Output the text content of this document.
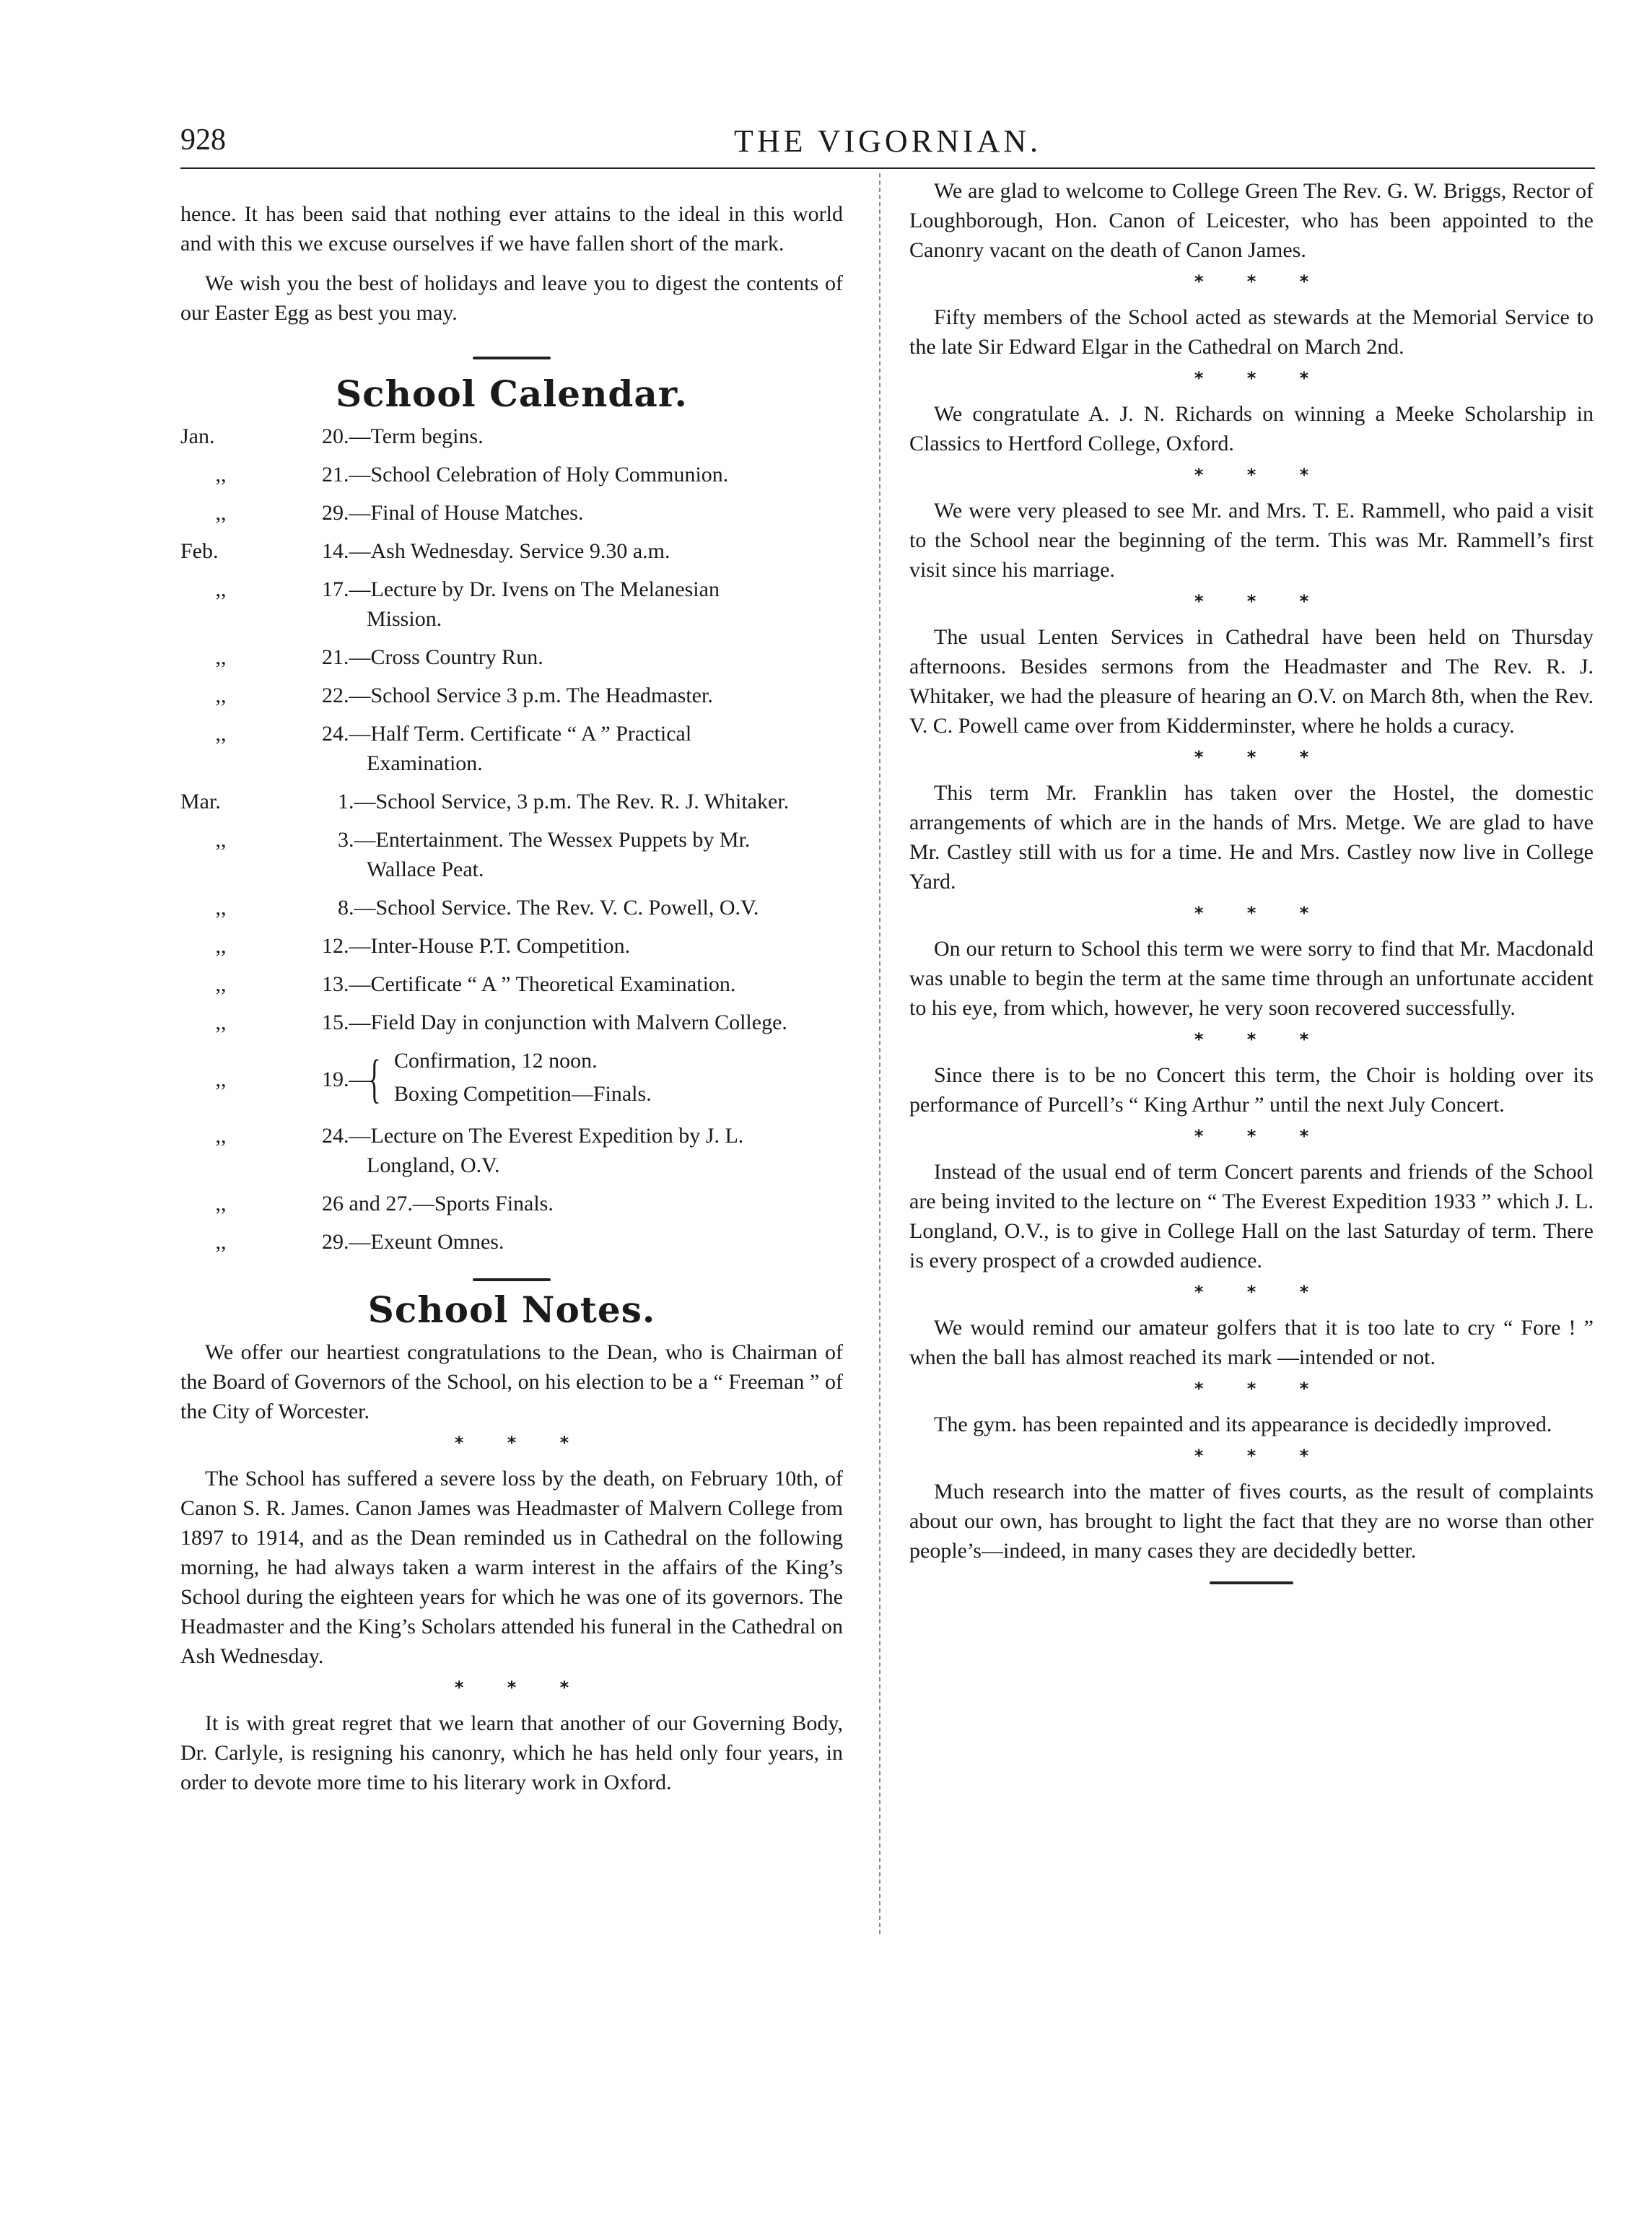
928	THE VIGORNIAN.

hence. It has been said that nothing ever attains to the ideal in this world and with this we excuse ourselves if we have fallen short of the mark.

We wish you the best of holidays and leave you to digest the contents of our Easter Egg as best you may.

School Calendar.
Jan.	20.—Term begins.
,,	21.—School Celebration of Holy Communion.
,,	29.—Final of House Matches.
Feb.	14.—Ash Wednesday. Service 9.30 a.m.
,,	17.—Lecture by Dr. Ivens on The Melanesian
Mission.
,,	21.—Cross Country Run.
,,	22.—School Service 3 p.m. The Headmaster.
,,	24.—Half Term. Certificate “ A ” Practical
Examination.
Mar.	1.—School Service, 3 p.m. The Rev. R. J. Whitaker.
,,	3.—Entertainment. The Wessex Puppets by Mr.
Wallace Peat.
,,	8.—School Service. The Rev. V. C. Powell, O.V.
,,	12.—Inter-House P.T. Competition.
,,	13.—Certificate “ A ” Theoretical Examination.
,,	15.—Field Day in conjunction with Malvern College.
,,	19.—
{ Confirmation, 12 noon.
Boxing Competition—Finals.
,,	24.—Lecture on The Everest Expedition by J. L.
Longland, O.V.
,,	26 and 27.—Sports Finals.
,,	29.—Exeunt Omnes.
School Notes.

We offer our heartiest congratulations to the Dean, who is Chairman of the Board of Governors of the School, on his election to be a “ Freeman ” of the City of Worcester.

* * *

The School has suffered a severe loss by the death, on February 10th, of Canon S. R. James. Canon James was Headmaster of Malvern College from 1897 to 1914, and as the Dean reminded us in Cathedral on the following morning, he had always taken a warm interest in the affairs of the King’s School during the eighteen years for which he was one of its governors. The Headmaster and the King’s Scholars attended his funeral in the Cathedral on Ash Wednesday.

* * *

It is with great regret that we learn that another of our Governing Body, Dr. Carlyle, is resigning his canonry, which he has held only four years, in order to devote more time to his literary work in Oxford.

We are glad to welcome to College Green The Rev. G. W. Briggs, Rector of Loughborough, Hon. Canon of Leicester, who has been appointed to the Canonry vacant on the death of Canon James.

* * *

Fifty members of the School acted as stewards at the Memorial Service to the late Sir Edward Elgar in the Cathedral on March 2nd.

* * *

We congratulate A. J. N. Richards on winning a Meeke Scholarship in Classics to Hertford College, Oxford.

* * *

We were very pleased to see Mr. and Mrs. T. E. Rammell, who paid a visit to the School near the beginning of the term. This was Mr. Rammell’s first visit since his marriage.

* * *

The usual Lenten Services in Cathedral have been held on Thursday afternoons. Besides sermons from the Headmaster and The Rev. R. J. Whitaker, we had the pleasure of hearing an O.V. on March 8th, when the Rev. V. C. Powell came over from Kidderminster, where he holds a curacy.

* * *

This term Mr. Franklin has taken over the Hostel, the domestic arrangements of which are in the hands of Mrs. Metge. We are glad to have Mr. Castley still with us for a time. He and Mrs. Castley now live in College Yard.

* * *

On our return to School this term we were sorry to find that Mr. Macdonald was unable to begin the term at the same time through an unfortunate accident to his eye, from which, however, he very soon recovered successfully.

* * *

Since there is to be no Concert this term, the Choir is holding over its performance of Purcell’s “ King Arthur ” until the next July Concert.

* * *

Instead of the usual end of term Concert parents and friends of the School are being invited to the lecture on “ The Everest Expedition 1933 ” which J. L. Longland, O.V., is to give in College Hall on the last Saturday of term. There is every prospect of a crowded audience.

* * *

We would remind our amateur golfers that it is too late to cry “ Fore ! ” when the ball has almost reached its mark —intended or not.

* * *

The gym. has been repainted and its appearance is decidedly improved.

* * *

Much research into the matter of fives courts, as the result of complaints about our own, has brought to light the fact that they are no worse than other people’s—indeed, in many cases they are decidedly better.
